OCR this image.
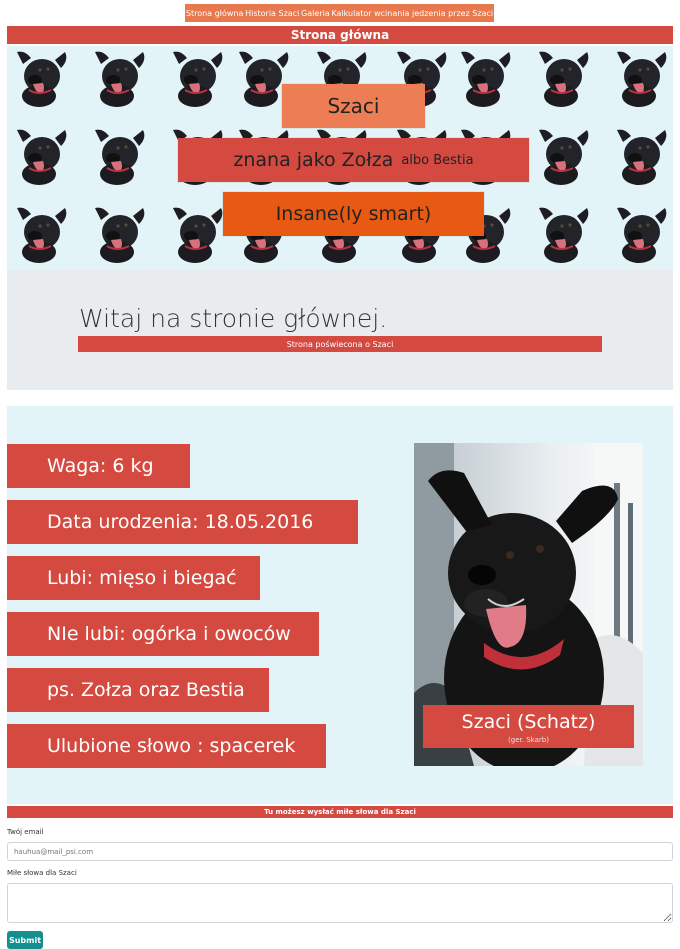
Strona główna Historia Szaci Galeria Kalkulator wcinania jedzenia przez Szaci
Strona główna
Szaci
znana jako Zołza albo Bestia
Insane(ly smart)
Witaj na stronie głównej.
Strona poświecona o Szaci
Waga: 6 kg
Data urodzenia: 18.05.2016
Lubi: mięso i biegać
NIe lubi: ogórka i owoców
ps. Zołza oraz Bestia
Ulubione słowo : spacerek
Szaci (Schatz)
(ger. Skarb)
Tu możesz wysłać miłe słowa dla Szaci
Twój email
hauhua@mail_psi.com
Miłe słowa dla Szaci
Submit
